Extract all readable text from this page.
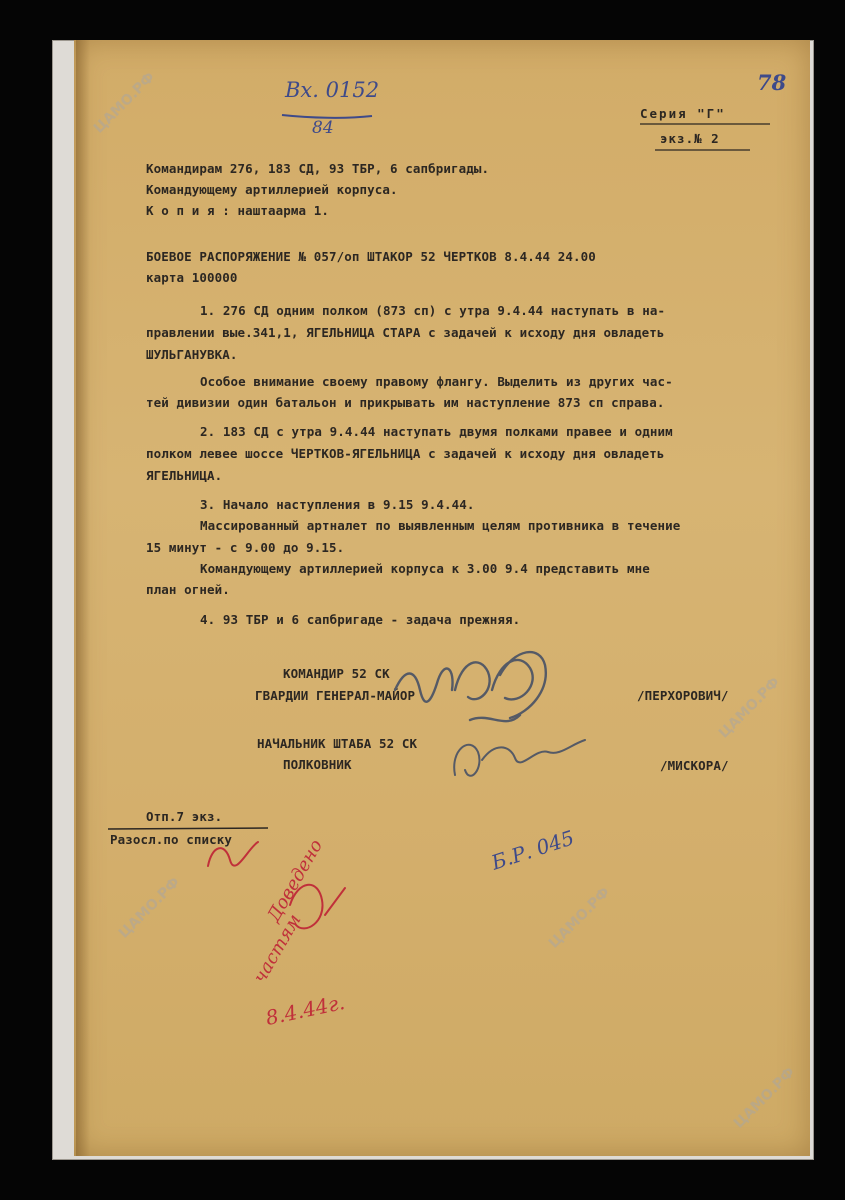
ЦАМО.РФ
ЦАМО.РФ
ЦАМО.РФ	ЦАМО.РФ
ЦАМО.РФ
Вх. 0152
84
Серия "Г"
экз.№ 2
78
Командирам 276, 183 СД, 93 ТБР, 6 сапбригады.
Командующему артиллерией корпуса.
К о п и я : наштаарма 1.
БОЕВОЕ РАСПОРЯЖЕНИЕ № 057/оп ШТАКОР 52 ЧЕРТКОВ 8.4.44 24.00
карта 100000
1. 276 СД одним полком (873 сп) с утра 9.4.44 наступать в на-
правлении вые.341,1, ЯГЕЛЬНИЦА СТАРА с задачей к исходу дня овладеть
ШУЛЬГАНУВКА.
Особое внимание своему правому флангу. Выделить из других час-
тей дивизии один батальон и прикрывать им наступление 873 сп справа.
2. 183 СД с утра 9.4.44 наступать двумя полками правее и одним
полком левее шоссе ЧЕРТКОВ-ЯГЕЛЬНИЦА с задачей к исходу дня овладеть
ЯГЕЛЬНИЦА.
3. Начало наступления в 9.15 9.4.44.
Массированный артналет по выявленным целям противника в течение
15 минут - с 9.00 до 9.15.
Командующему артиллерией корпуса к 3.00 9.4 представить мне
план огней.
4. 93 ТБР и 6 сапбригаде - задача прежняя.
КОМАНДИР 52 СК
ГВАРДИИ ГЕНЕРАЛ-МАЙОР	/ПЕРХОРОВИЧ/
НАЧАЛЬНИК ШТАБА 52 СК
ПОЛКОВНИК	/МИСКОРА/
Отп.7 экз.
Разосл.по списку	Б.Р. 045
Доведено
частям
8.4.44г.
